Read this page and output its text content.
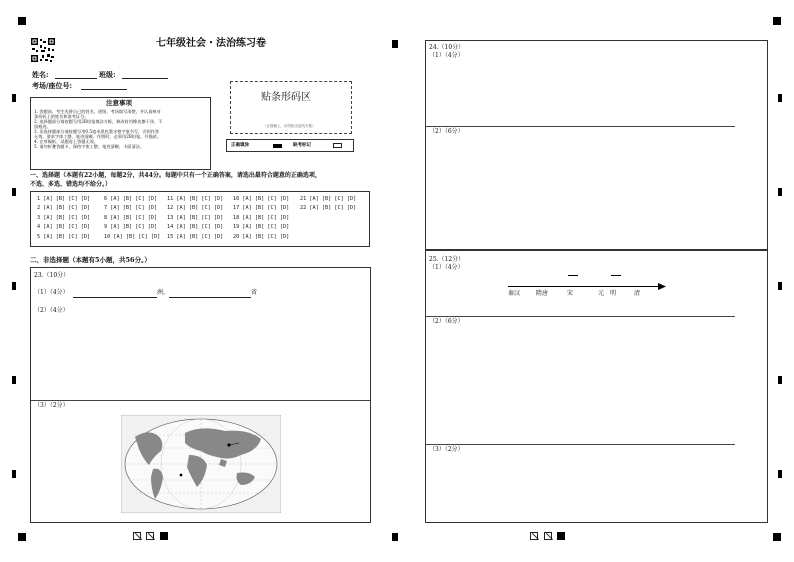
七年级社会・法治练习卷
姓名:	班级:
考场/座位号:
注意事项
1. 答题前，考生先将自己的姓名、班级、考场填写清楚，并认真核对
条形码上的姓名和准考证号。
2. 选择题部分请按题号用2B铅笔填涂方框，修改时用橡皮擦干净，不
留痕迹。
3. 非选择题部分请按题号用0.5毫米黑色墨水签字笔书写，否则作答
无效。要求字体工整、笔迹清晰。作图时，必须用2B铅笔，并描浓。
4. 在草稿纸、试题卷上答题无效。
5. 请勿折叠答题卡，保持字体工整、笔迹清晰、卡面清洁。
贴条形码区
（正面朝上，切勿贴出虚线方框）
正确填涂	缺考标记
一、选择题（本题有22小题，每题2分，共44分。每题中只有一个正确答案，请选出最符合题意的正确选项，
不选、多选、错选均不给分。）
1 [A] [B] [C] [D]
2 [A] [B] [C] [D]
3 [A] [B] [C] [D]
4 [A] [B] [C] [D]
5 [A] [B] [C] [D]
6 [A] [B] [C] [D]
7 [A] [B] [C] [D]
8 [A] [B] [C] [D]
9 [A] [B] [C] [D]
10 [A] [B] [C] [D]
11 [A] [B] [C] [D]
12 [A] [B] [C] [D]
13 [A] [B] [C] [D]
14 [A] [B] [C] [D]
15 [A] [B] [C] [D]
16 [A] [B] [C] [D]
17 [A] [B] [C] [D]
18 [A] [B] [C] [D]
19 [A] [B] [C] [D]
20 [A] [B] [C] [D]
21 [A] [B] [C] [D]
22 [A] [B] [C] [D]
二、非选择题（本题有5小题，共56分。）
23.（10分）
（1）（4分）	洲，	省
（2）（4分）
（3）（2分）
24.（10分）
（1）（4分）
（2）（6分）
25.（12分）
（1）（4分）
秦汉	隋唐	宋	元 明	清
（2）（6分）
（3）（2分）
